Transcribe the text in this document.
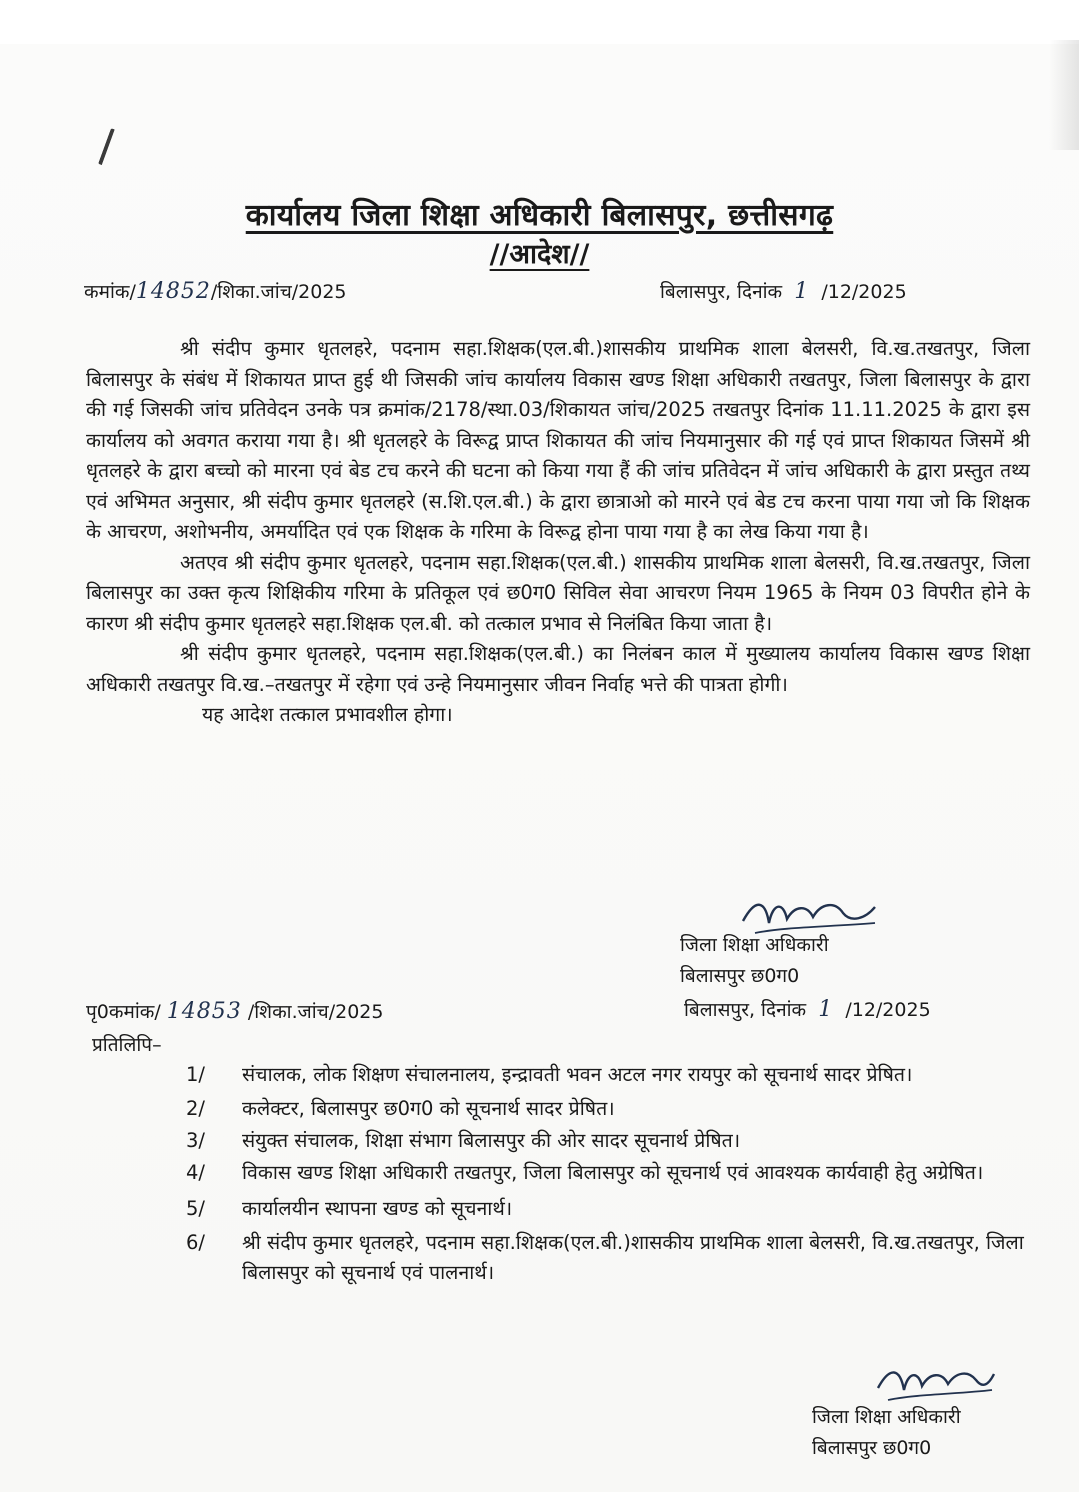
कार्यालय जिला शिक्षा अधिकारी बिलासपुर, छत्तीसगढ़
//आदेश//
कमांक/14852/शिका.जांच/2025	बिलासपुर, दिनांक 1 /12/2025

श्री संदीप कुमार धृतलहरे, पदनाम सहा.शिक्षक(एल.बी.)शासकीय प्राथमिक शाला बेलसरी, वि.ख.तखतपुर, जिला बिलासपुर के संबंध में शिकायत प्राप्त हुई थी जिसकी जांच कार्यालय विकास खण्ड शिक्षा अधिकारी तखतपुर, जिला बिलासपुर के द्वारा की गई जिसकी जांच प्रतिवेदन उनके पत्र क्रमांक/2178/स्था.03/शिकायत जांच/2025 तखतपुर दिनांक 11.11.2025 के द्वारा इस कार्यालय को अवगत कराया गया है। श्री धृतलहरे के विरूद्व प्राप्त शिकायत की जांच नियमानुसार की गई एवं प्राप्त शिकायत जिसमें श्री धृतलहरे के द्वारा बच्चो को मारना एवं बेड टच करने की घटना को किया गया हैं की जांच प्रतिवेदन में जांच अधिकारी के द्वारा प्रस्तुत तथ्य एवं अभिमत अनुसार, श्री संदीप कुमार धृतलहरे (स.शि.एल.बी.) के द्वारा छात्राओ को मारने एवं बेड टच करना पाया गया जो कि शिक्षक के आचरण, अशोभनीय, अमर्यादित एवं एक शिक्षक के गरिमा के विरूद्व होना पाया गया है का लेख किया गया है।

अतएव श्री संदीप कुमार धृतलहरे, पदनाम सहा.शिक्षक(एल.बी.) शासकीय प्राथमिक शाला बेलसरी, वि.ख.तखतपुर, जिला बिलासपुर का उक्त कृत्य शिक्षिकीय गरिमा के प्रतिकूल एवं छ0ग0 सिविल सेवा आचरण नियम 1965 के नियम 03 विपरीत होने के कारण श्री संदीप कुमार धृतलहरे सहा.शिक्षक एल.बी. को तत्काल प्रभाव से निलंबित किया जाता है।

श्री संदीप कुमार धृतलहरे, पदनाम सहा.शिक्षक(एल.बी.) का निलंबन काल में मुख्यालय कार्यालय विकास खण्ड शिक्षा अधिकारी तखतपुर वि.ख.–तखतपुर में रहेगा एवं उन्हे नियमानुसार जीवन निर्वाह भत्ते की पात्रता होगी।

यह आदेश तत्काल प्रभावशील होगा।

जिला शिक्षा अधिकारी
बिलासपुर छ0ग0
पृ0कमांक/ 14853 /शिका.जांच/2025	बिलासपुर, दिनांक 1 /12/2025
प्रतिलिपि–
1/ संचालक, लोक शिक्षण संचालनालय, इन्द्रावती भवन अटल नगर रायपुर को सूचनार्थ सादर प्रेषित।
2/ कलेक्टर, बिलासपुर छ0ग0 को सूचनार्थ सादर प्रेषित।
3/ संयुक्त संचालक, शिक्षा संभाग बिलासपुर की ओर सादर सूचनार्थ प्रेषित।
4/ विकास खण्ड शिक्षा अधिकारी तखतपुर, जिला बिलासपुर को सूचनार्थ एवं आवश्यक कार्यवाही हेतु अग्रेषित।
5/ कार्यालयीन स्थापना खण्ड को सूचनार्थ।
6/ श्री संदीप कुमार धृतलहरे, पदनाम सहा.शिक्षक(एल.बी.)शासकीय प्राथमिक शाला बेलसरी, वि.ख.तखतपुर, जिला बिलासपुर को सूचनार्थ एवं पालनार्थ।
जिला शिक्षा अधिकारी
बिलासपुर छ0ग0
